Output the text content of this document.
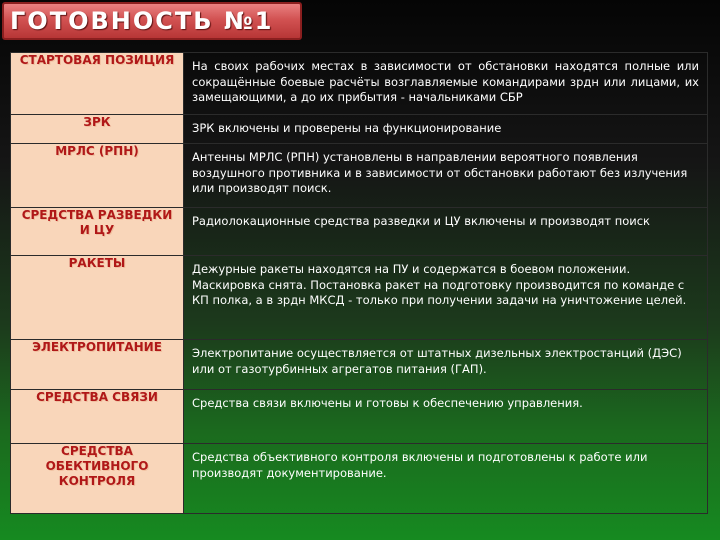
ГОТОВНОСТЬ №1
СТАРТОВАЯ ПОЗИЦИЯ	На своих рабочих местах в зависимости от обстановки находятся полные или сокращённые боевые расчёты возглавляемые командирами зрдн или лицами, их замещающими, а до их прибытия - начальниками СБР
ЗРК	ЗРК включены и проверены на функционирование
МРЛС (РПН)	Антенны МРЛС (РПН) установлены в направлении вероятного появления воздушного противника и в зависимости от обстановки работают без излучения или производят поиск.
СРЕДСТВА РАЗВЕДКИ И ЦУ	Радиолокационные средства разведки и ЦУ включены и производят поиск
РАКЕТЫ	Дежурные ракеты находятся на ПУ и содержатся в боевом положении. Маскировка снята. Постановка ракет на подготовку производится по команде с КП полка, а в зрдн МКСД - только при получении задачи на уничтожение целей.
ЭЛЕКТРОПИТАНИЕ	Электропитание осуществляется от штатных дизельных электростанций (ДЭС) или от газотурбинных агрегатов питания (ГАП).
СРЕДСТВА СВЯЗИ	Средства связи включены и готовы к обеспечению управления.
СРЕДСТВА ОБЕКТИВНОГО КОНТРОЛЯ	Средства объективного контроля включены и подготовлены к работе или производят документирование.
